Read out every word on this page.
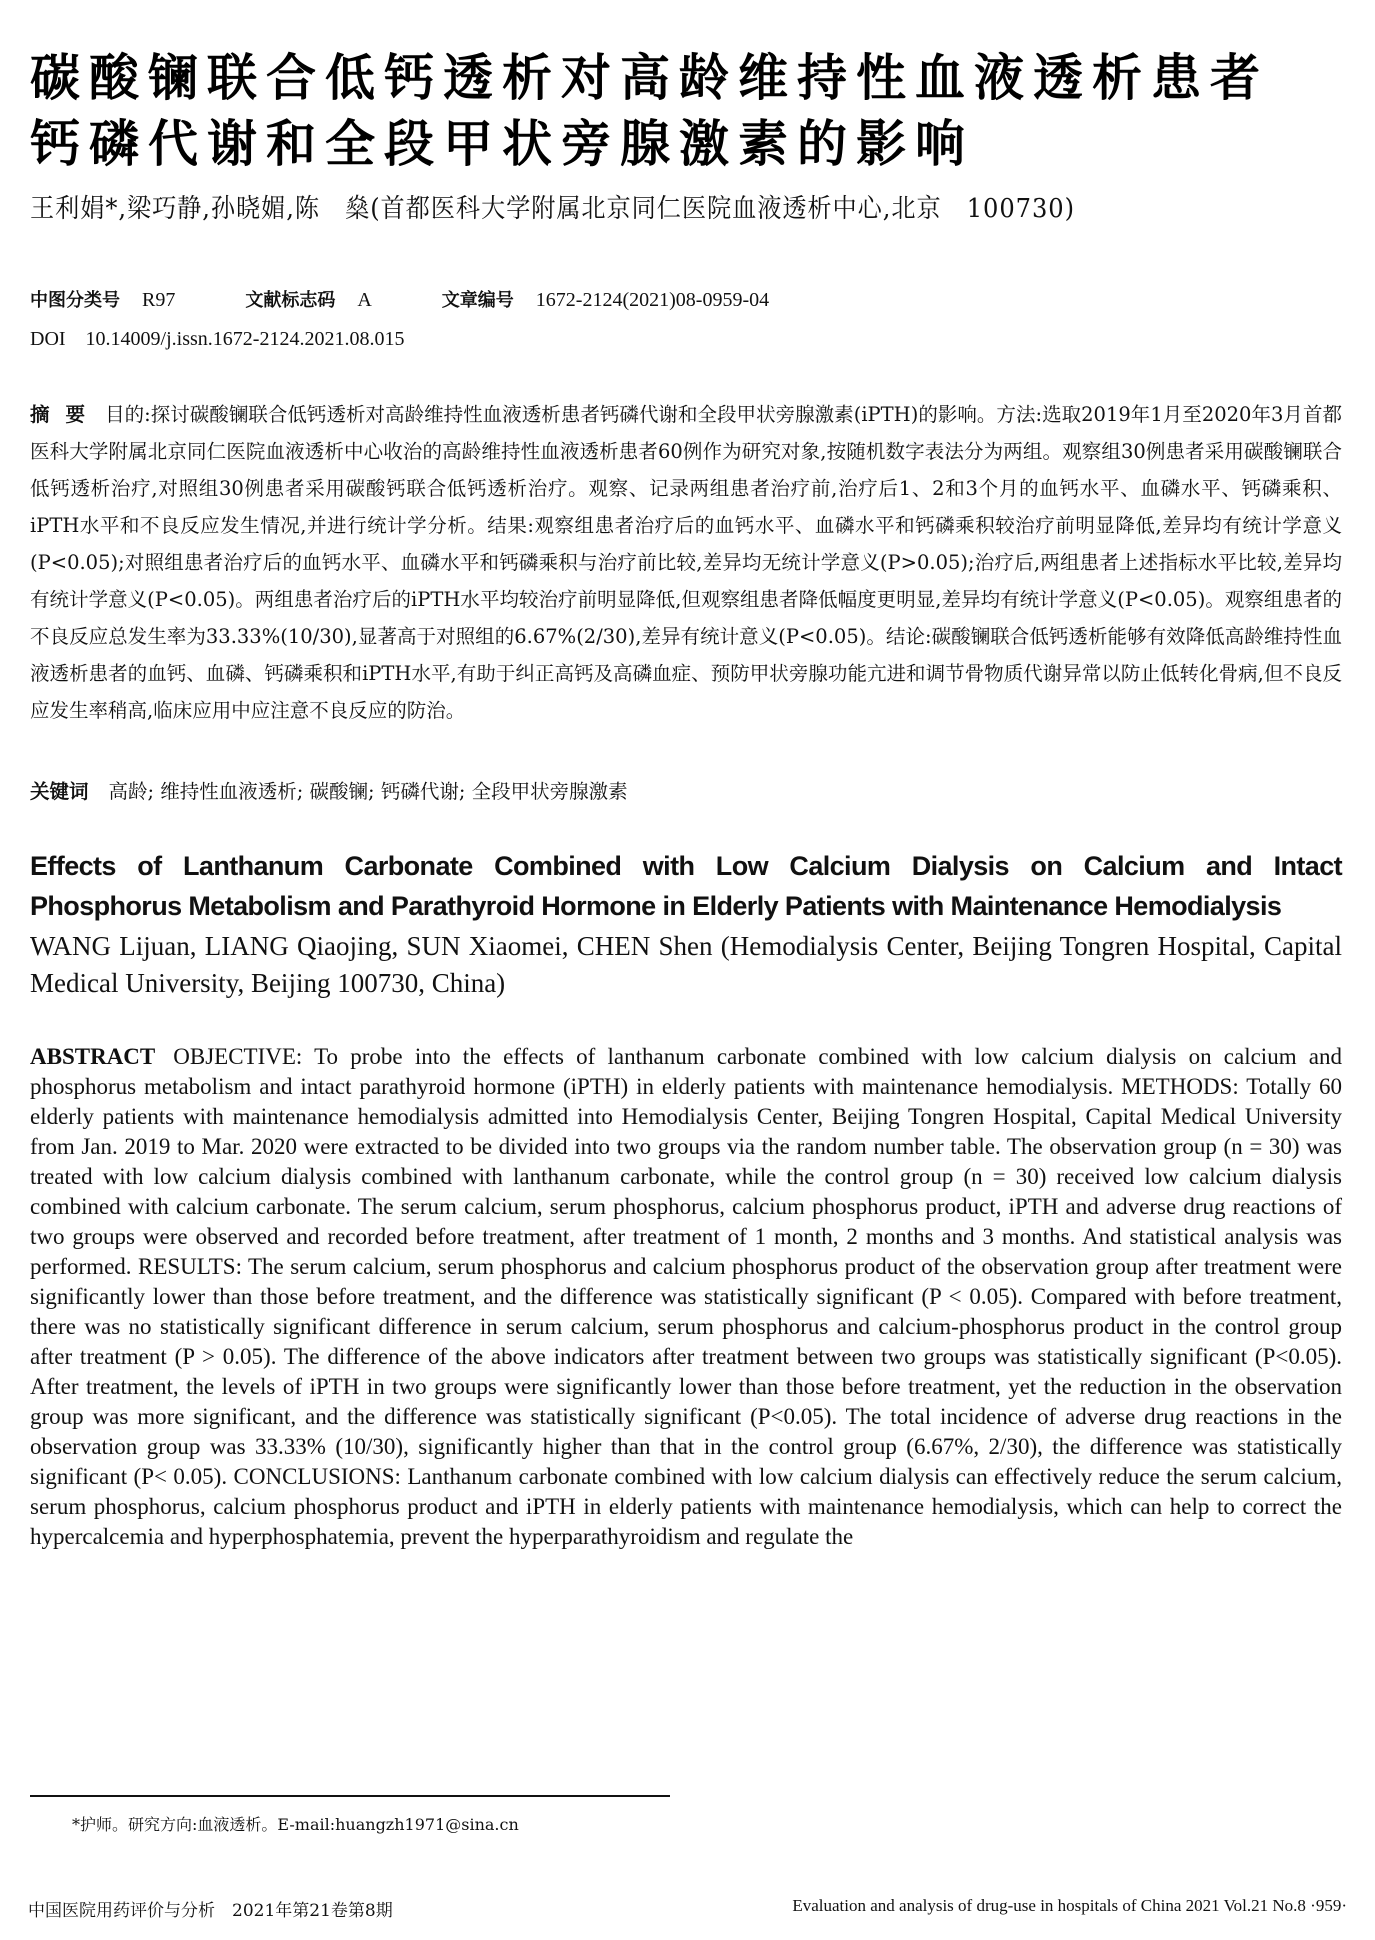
碳酸镧联合低钙透析对高龄维持性血液透析患者
钙磷代谢和全段甲状旁腺激素的影响
王利娟*,梁巧静,孙晓媚,陈　燊(首都医科大学附属北京同仁医院血液透析中心,北京　100730)
中图分类号 R97	文献标志码 A	文章编号 1672-2124(2021)08-0959-04
DOI　10.14009/j.issn.1672-2124.2021.08.015
摘要 目的:探讨碳酸镧联合低钙透析对高龄维持性血液透析患者钙磷代谢和全段甲状旁腺激素(iPTH)的影响。方法:选取2019年1月至2020年3月首都医科大学附属北京同仁医院血液透析中心收治的高龄维持性血液透析患者60例作为研究对象,按随机数字表法分为两组。观察组30例患者采用碳酸镧联合低钙透析治疗,对照组30例患者采用碳酸钙联合低钙透析治疗。观察、记录两组患者治疗前,治疗后1、2和3个月的血钙水平、血磷水平、钙磷乘积、iPTH水平和不良反应发生情况,并进行统计学分析。结果:观察组患者治疗后的血钙水平、血磷水平和钙磷乘积较治疗前明显降低,差异均有统计学意义(P<0.05);对照组患者治疗后的血钙水平、血磷水平和钙磷乘积与治疗前比较,差异均无统计学意义(P>0.05);治疗后,两组患者上述指标水平比较,差异均有统计学意义(P<0.05)。两组患者治疗后的iPTH水平均较治疗前明显降低,但观察组患者降低幅度更明显,差异均有统计学意义(P<0.05)。观察组患者的不良反应总发生率为33.33%(10/30),显著高于对照组的6.67%(2/30),差异有统计意义(P<0.05)。结论:碳酸镧联合低钙透析能够有效降低高龄维持性血液透析患者的血钙、血磷、钙磷乘积和iPTH水平,有助于纠正高钙及高磷血症、预防甲状旁腺功能亢进和调节骨物质代谢异常以防止低转化骨病,但不良反应发生率稍高,临床应用中应注意不良反应的防治。
关键词 高龄; 维持性血液透析; 碳酸镧; 钙磷代谢; 全段甲状旁腺激素
Effects of Lanthanum Carbonate Combined with Low Calcium Dialysis on Calcium and Intact
Phosphorus Metabolism and Parathyroid Hormone in Elderly Patients with Maintenance Hemodialysis
WANG Lijuan, LIANG Qiaojing, SUN Xiaomei, CHEN Shen (Hemodialysis Center, Beijing Tongren Hospital, Capital Medical University, Beijing 100730, China)
ABSTRACT OBJECTIVE: To probe into the effects of lanthanum carbonate combined with low calcium dialysis on calcium and phosphorus metabolism and intact parathyroid hormone (iPTH) in elderly patients with maintenance hemodialysis. METHODS: Totally 60 elderly patients with maintenance hemodialysis admitted into Hemodialysis Center, Beijing Tongren Hospital, Capital Medical University from Jan. 2019 to Mar. 2020 were extracted to be divided into two groups via the random number table. The observation group (n = 30) was treated with low calcium dialysis combined with lanthanum carbonate, while the control group (n = 30) received low calcium dialysis combined with calcium carbonate. The serum calcium, serum phosphorus, calcium phosphorus product, iPTH and adverse drug reactions of two groups were observed and recorded before treatment, after treatment of 1 month, 2 months and 3 months. And statistical analysis was performed. RESULTS: The serum calcium, serum phosphorus and calcium phosphorus product of the observation group after treatment were significantly lower than those before treatment, and the difference was statistically significant (P < 0.05). Compared with before treatment, there was no statistically significant difference in serum calcium, serum phosphorus and calcium-phosphorus product in the control group after treatment (P > 0.05). The difference of the above indicators after treatment between two groups was statistically significant (P<0.05). After treatment, the levels of iPTH in two groups were significantly lower than those before treatment, yet the reduction in the observation group was more significant, and the difference was statistically significant (P<0.05). The total incidence of adverse drug reactions in the observation group was 33.33% (10/30), significantly higher than that in the control group (6.67%, 2/30), the difference was statistically significant (P< 0.05). CONCLUSIONS: Lanthanum carbonate combined with low calcium dialysis can effectively reduce the serum calcium, serum phosphorus, calcium phosphorus product and iPTH in elderly patients with maintenance hemodialysis, which can help to correct the hypercalcemia and hyperphosphatemia, prevent the hyperparathyroidism and regulate the
*护师。研究方向:血液透析。E-mail:huangzh1971@sina.cn
中国医院用药评价与分析　2021年第21卷第8期	Evaluation and analysis of drug-use in hospitals of China 2021 Vol.21 No.8 ·959·
